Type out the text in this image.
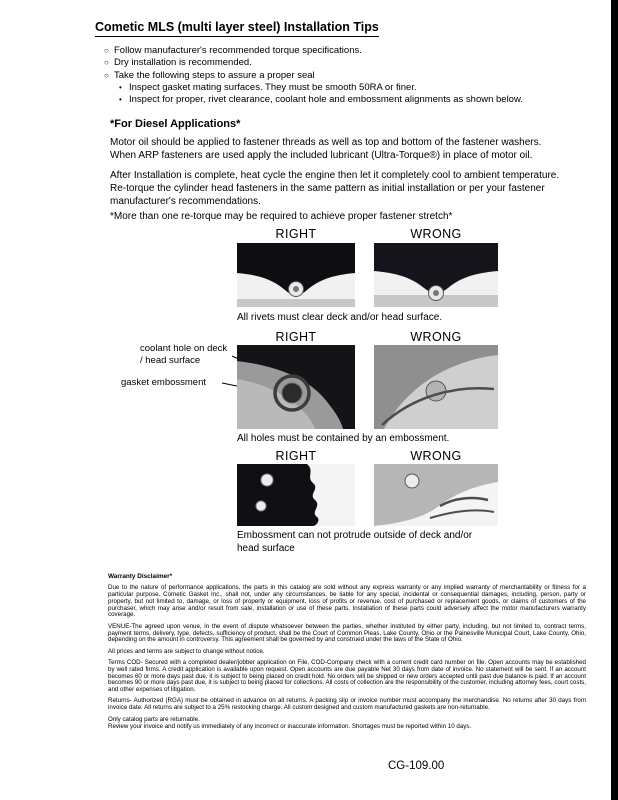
Cometic MLS (multi layer steel) Installation Tips
○ Follow manufacturer's recommended torque specifications.
○ Dry installation is recommended.
○ Take the following steps to assure a proper seal
• Inspect gasket mating surfaces. They must be smooth 50RA or finer.
• Inspect for proper, rivet clearance, coolant hole and embossment alignments as shown below.
*For Diesel Applications*
Motor oil should be applied to fastener threads as well as top and bottom of the fastener washers. When ARP fasteners are used apply the included lubricant (Ultra-Torque®) in place of motor oil.
After Installation is complete, heat cycle the engine then let it completely cool to ambient temperature. Re-torque the cylinder head fasteners in the same pattern as initial installation or per your fastener manufacturer's recommendations.
*More than one re-torque may be required to achieve proper fastener stretch*
RIGHT	WRONG
All rivets must clear deck and/or head surface.
RIGHT	WRONG
coolant hole on deck / head surface
gasket embossment
All holes must be contained by an embossment.
RIGHT	WRONG
Embossment can not protrude outside of deck and/or head surface

Warranty Disclaimer*

Due to the nature of performance applications, the parts in this catalog are sold without any express warranty or any implied warranty of merchantability or fitness for a particular purpose. Cometic Gasket Inc., shall not, under any circumstances, be liable for any special, incidental or consequential damages, including, person, party or property, but not limited to, damage, or loss of property or equipment, loss of profits or revenue, cost of purchased or replacement goods, or claims of customers of the purchaser, which may arise and/or result from sale, installation or use of these parts. Installation of these parts could adversely affect the motor manufacturers warranty coverage.

VENUE-The agreed upon venue, in the event of dispute whatsoever between the parties, whether instituted by either party, including, but not limited to, contract terms, payment terms, delivery, type, defects, sufficiency of product, shall be the Court of Common Pleas, Lake County, Ohio or the Painesville Municipal Court, Lake County, Ohio, depending on the amount in controversy. This agreement shall be governed by and construed under the laws of the State of Ohio.

All prices and terms are subject to change without notice.

Terms COD- Secured with a completed dealer/jobber application on File, COD-Company check with a current credit card number on file. Open accounts may be established by well rated firms. A credit application is available upon request. Open accounts are due payable Net 30 days from date of invoice. No statement will be sent. If an account becomes 60 or more days past due, it is subject to being placed on credit hold. No orders will be shipped or new orders accepted until past due balance is paid. If an account becomes 90 or more days past due, it is subject to being placed for collections. All costs of collection are the responsibility of the customer, including attorney fees, court costs, and other expenses of litigation.

Returns- Authorized (RGA) must be obtained in advance on all returns. A packing slip or invoice number must accompany the merchandise. No returns after 30 days from invoice date. All returns are subject to a 25% restocking charge. All custom designed and custom manufactured gaskets are non-returnable.

Only catalog parts are returnable.

Review your invoice and notify us immediately of any incorrect or inaccurate information. Shortages must be reported within 10 days.

CG-109.00
